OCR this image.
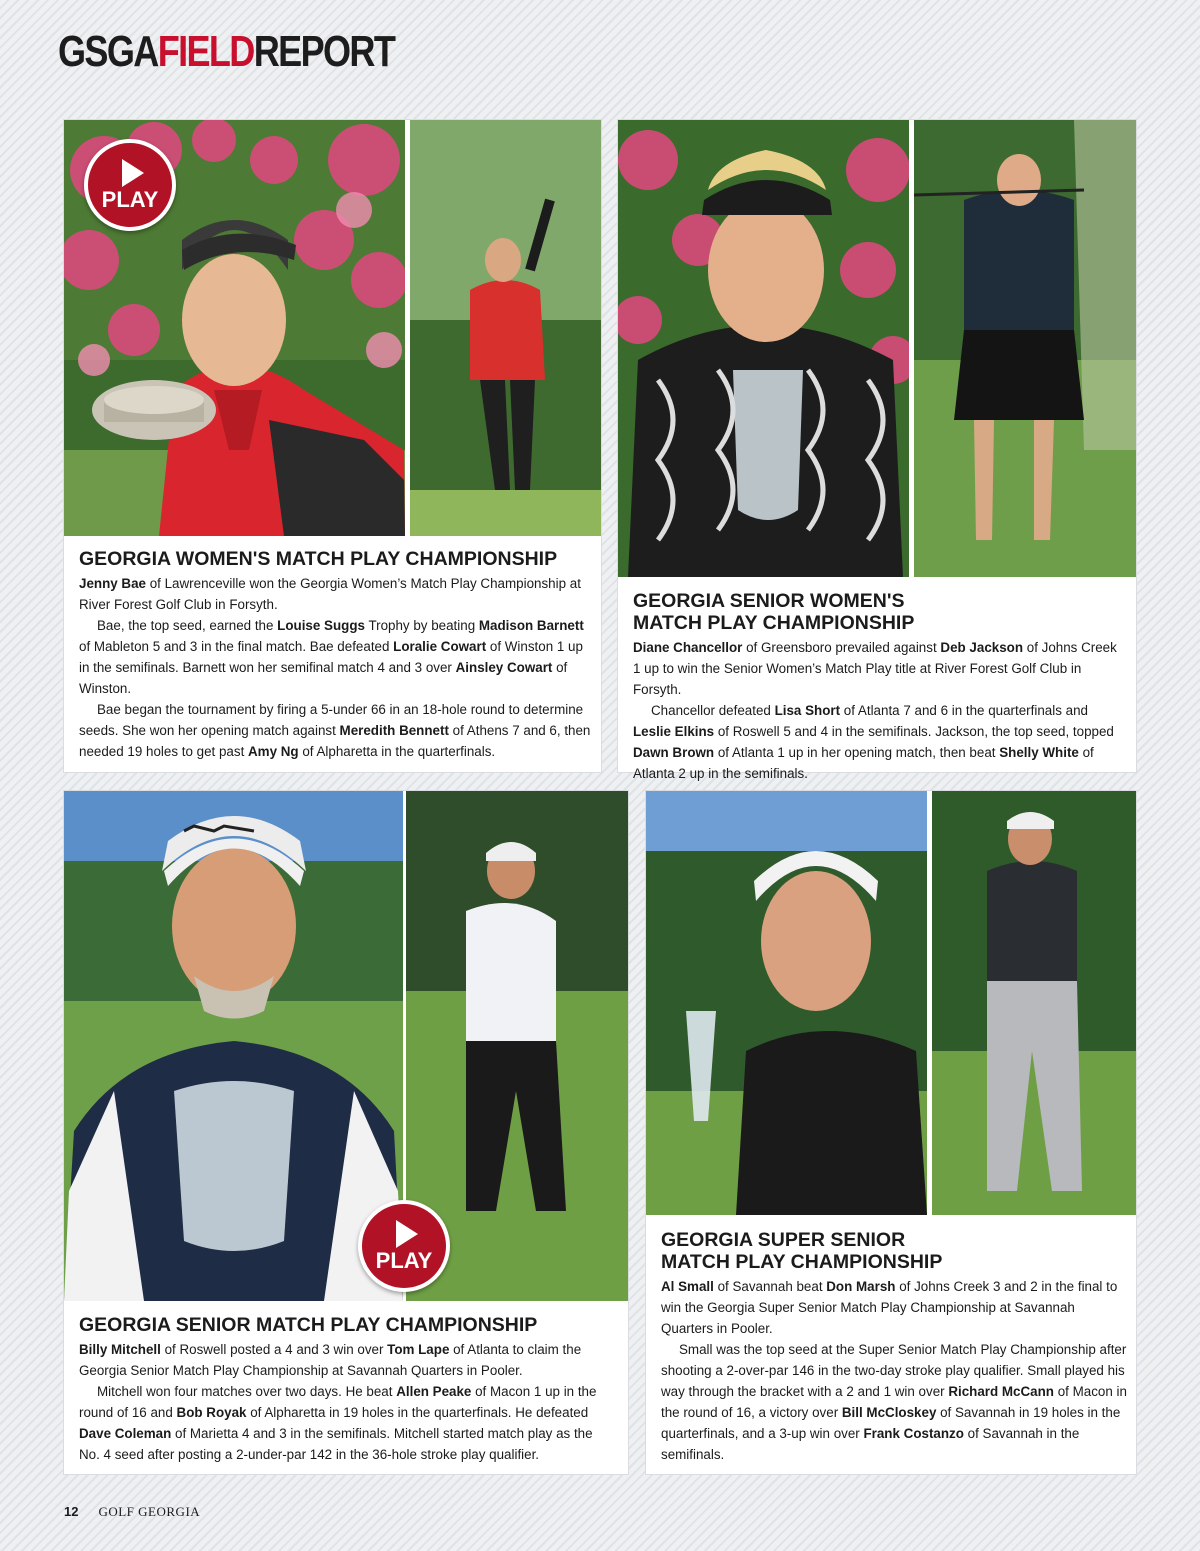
GSGAFIELDREPORT
PLAY
GEORGIA WOMEN'S MATCH PLAY CHAMPIONSHIP

Jenny Bae of Lawrenceville won the Georgia Women’s Match Play Championship at River Forest Golf Club in Forsyth.

Bae, the top seed, earned the Louise Suggs Trophy by beating Madison Barnett of Mableton 5 and 3 in the final match. Bae defeated Loralie Cowart of Winston 1 up in the semifinals. Barnett won her semifinal match 4 and 3 over Ainsley Cowart of Winston.

Bae began the tournament by firing a 5-under 66 in an 18-hole round to determine seeds. She won her opening match against Meredith Bennett of Athens 7 and 6, then needed 19 holes to get past Amy Ng of Alpharetta in the quarterfinals.

GEORGIA SENIOR WOMEN'S MATCH PLAY CHAMPIONSHIP

Diane Chancellor of Greensboro prevailed against Deb Jackson of Johns Creek 1 up to win the Senior Women’s Match Play title at River Forest Golf Club in Forsyth.

Chancellor defeated Lisa Short of Atlanta 7 and 6 in the quarterfinals and Leslie Elkins of Roswell 5 and 4 in the semifinals. Jackson, the top seed, topped Dawn Brown of Atlanta 1 up in her opening match, then beat Shelly White of Atlanta 2 up in the semifinals.

PLAY
GEORGIA SENIOR MATCH PLAY CHAMPIONSHIP

Billy Mitchell of Roswell posted a 4 and 3 win over Tom Lape of Atlanta to claim the Georgia Senior Match Play Championship at Savannah Quarters in Pooler.

Mitchell won four matches over two days. He beat Allen Peake of Macon 1 up in the round of 16 and Bob Royak of Alpharetta in 19 holes in the quarterfinals. He defeated Dave Coleman of Marietta 4 and 3 in the semifinals. Mitchell started match play as the No. 4 seed after posting a 2-under-par 142 in the 36-hole stroke play qualifier.

GEORGIA SUPER SENIOR MATCH PLAY CHAMPIONSHIP

Al Small of Savannah beat Don Marsh of Johns Creek 3 and 2 in the final to win the Georgia Super Senior Match Play Championship at Savannah Quarters in Pooler.

Small was the top seed at the Super Senior Match Play Championship after shooting a 2-over-par 146 in the two-day stroke play qualifier. Small played his way through the bracket with a 2 and 1 win over Richard McCann of Macon in the round of 16, a victory over Bill McCloskey of Savannah in 19 holes in the quarterfinals, and a 3-up win over Frank Costanzo of Savannah in the semifinals.

12 GOLF GEORGIA
